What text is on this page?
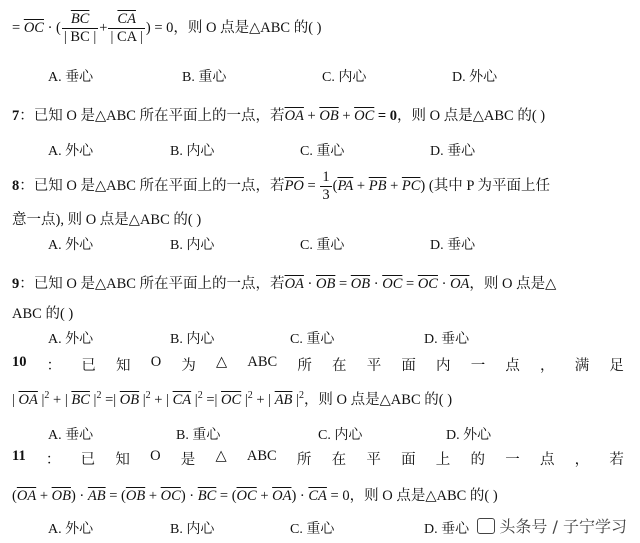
= $\overline{OC}$ · ( $\frac{\overline{BC}}{| BC |} + \frac{\overline{CA}}{| CA |}$ ) = 0，则 O 点是△ABC 的( )
A. 垂心	B. 重心	C. 内心	D. 外心
7：已知 O 是△ABC 所在平面上的一点，若$\overline{OA} + \overline{OB} + \overline{OC} = 0$，则 O 点是△ABC 的( )
A. 外心	B. 内心	C. 重心	D. 垂心
8：已知 O 是△ABC 所在平面上的一点，若$\overline{PO} = \frac{1}{3} (\overline{PA} + \overline{PB} + \overline{PC})$ (其中 P 为平面上任
意一点), 则 O 点是△ABC 的( )
A. 外心	B. 内心	C. 重心	D. 垂心
9：已知 O 是△ABC 所在平面上的一点，若$\overline{OA} \cdot \overline{OB} = \overline{OB} \cdot \overline{OC} = \overline{OC} \cdot \overline{OA}$，则 O 点是△
ABC 的( )
A. 外心	B. 内心	C. 重心	D. 垂心
10 ： 已 知 O 为 △ ABC 所 在 平 面 内 一 点 ， 满 足
| $\overline{OA}$ $|^2$ + | $\overline{BC}$ $|^2$ =| $\overline{OB}$ $|^2$ + | $\overline{CA}$ $|^2$ =| $\overline{OC}$ $|^2$ + | $\overline{AB}$ $|^2$，则 O 点是△ABC 的( )
A. 垂心	B. 重心	C. 内心	D. 外心
11 ： 已 知 O 是 △ ABC 所 在 平 面 上 的 一 点 ， 若
$(\overline{OA} + \overline{OB}) \cdot \overline{AB} = (\overline{OB} + \overline{OC}) \cdot \overline{BC} = (\overline{OC} + \overline{OA}) \cdot \overline{CA} = 0$，则 O 点是△ABC 的( )
A. 外心	B. 内心	C. 重心	D. 垂心	头条号 / 子宁学习
